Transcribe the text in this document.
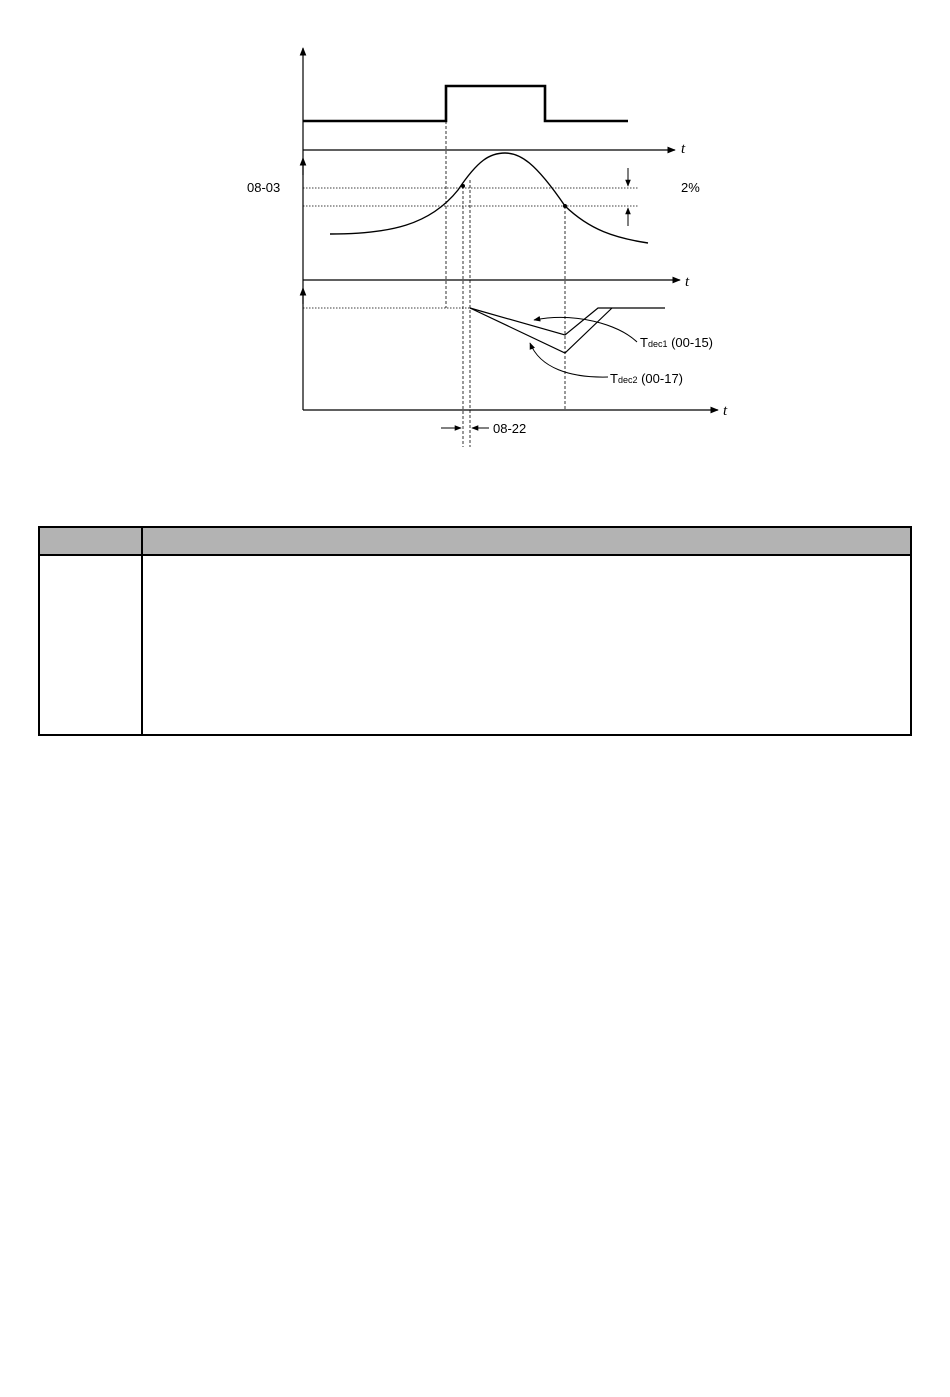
t
t
t
08-03	2%
Tdec1 (00-15)
Tdec2 (00-17)
08-22
